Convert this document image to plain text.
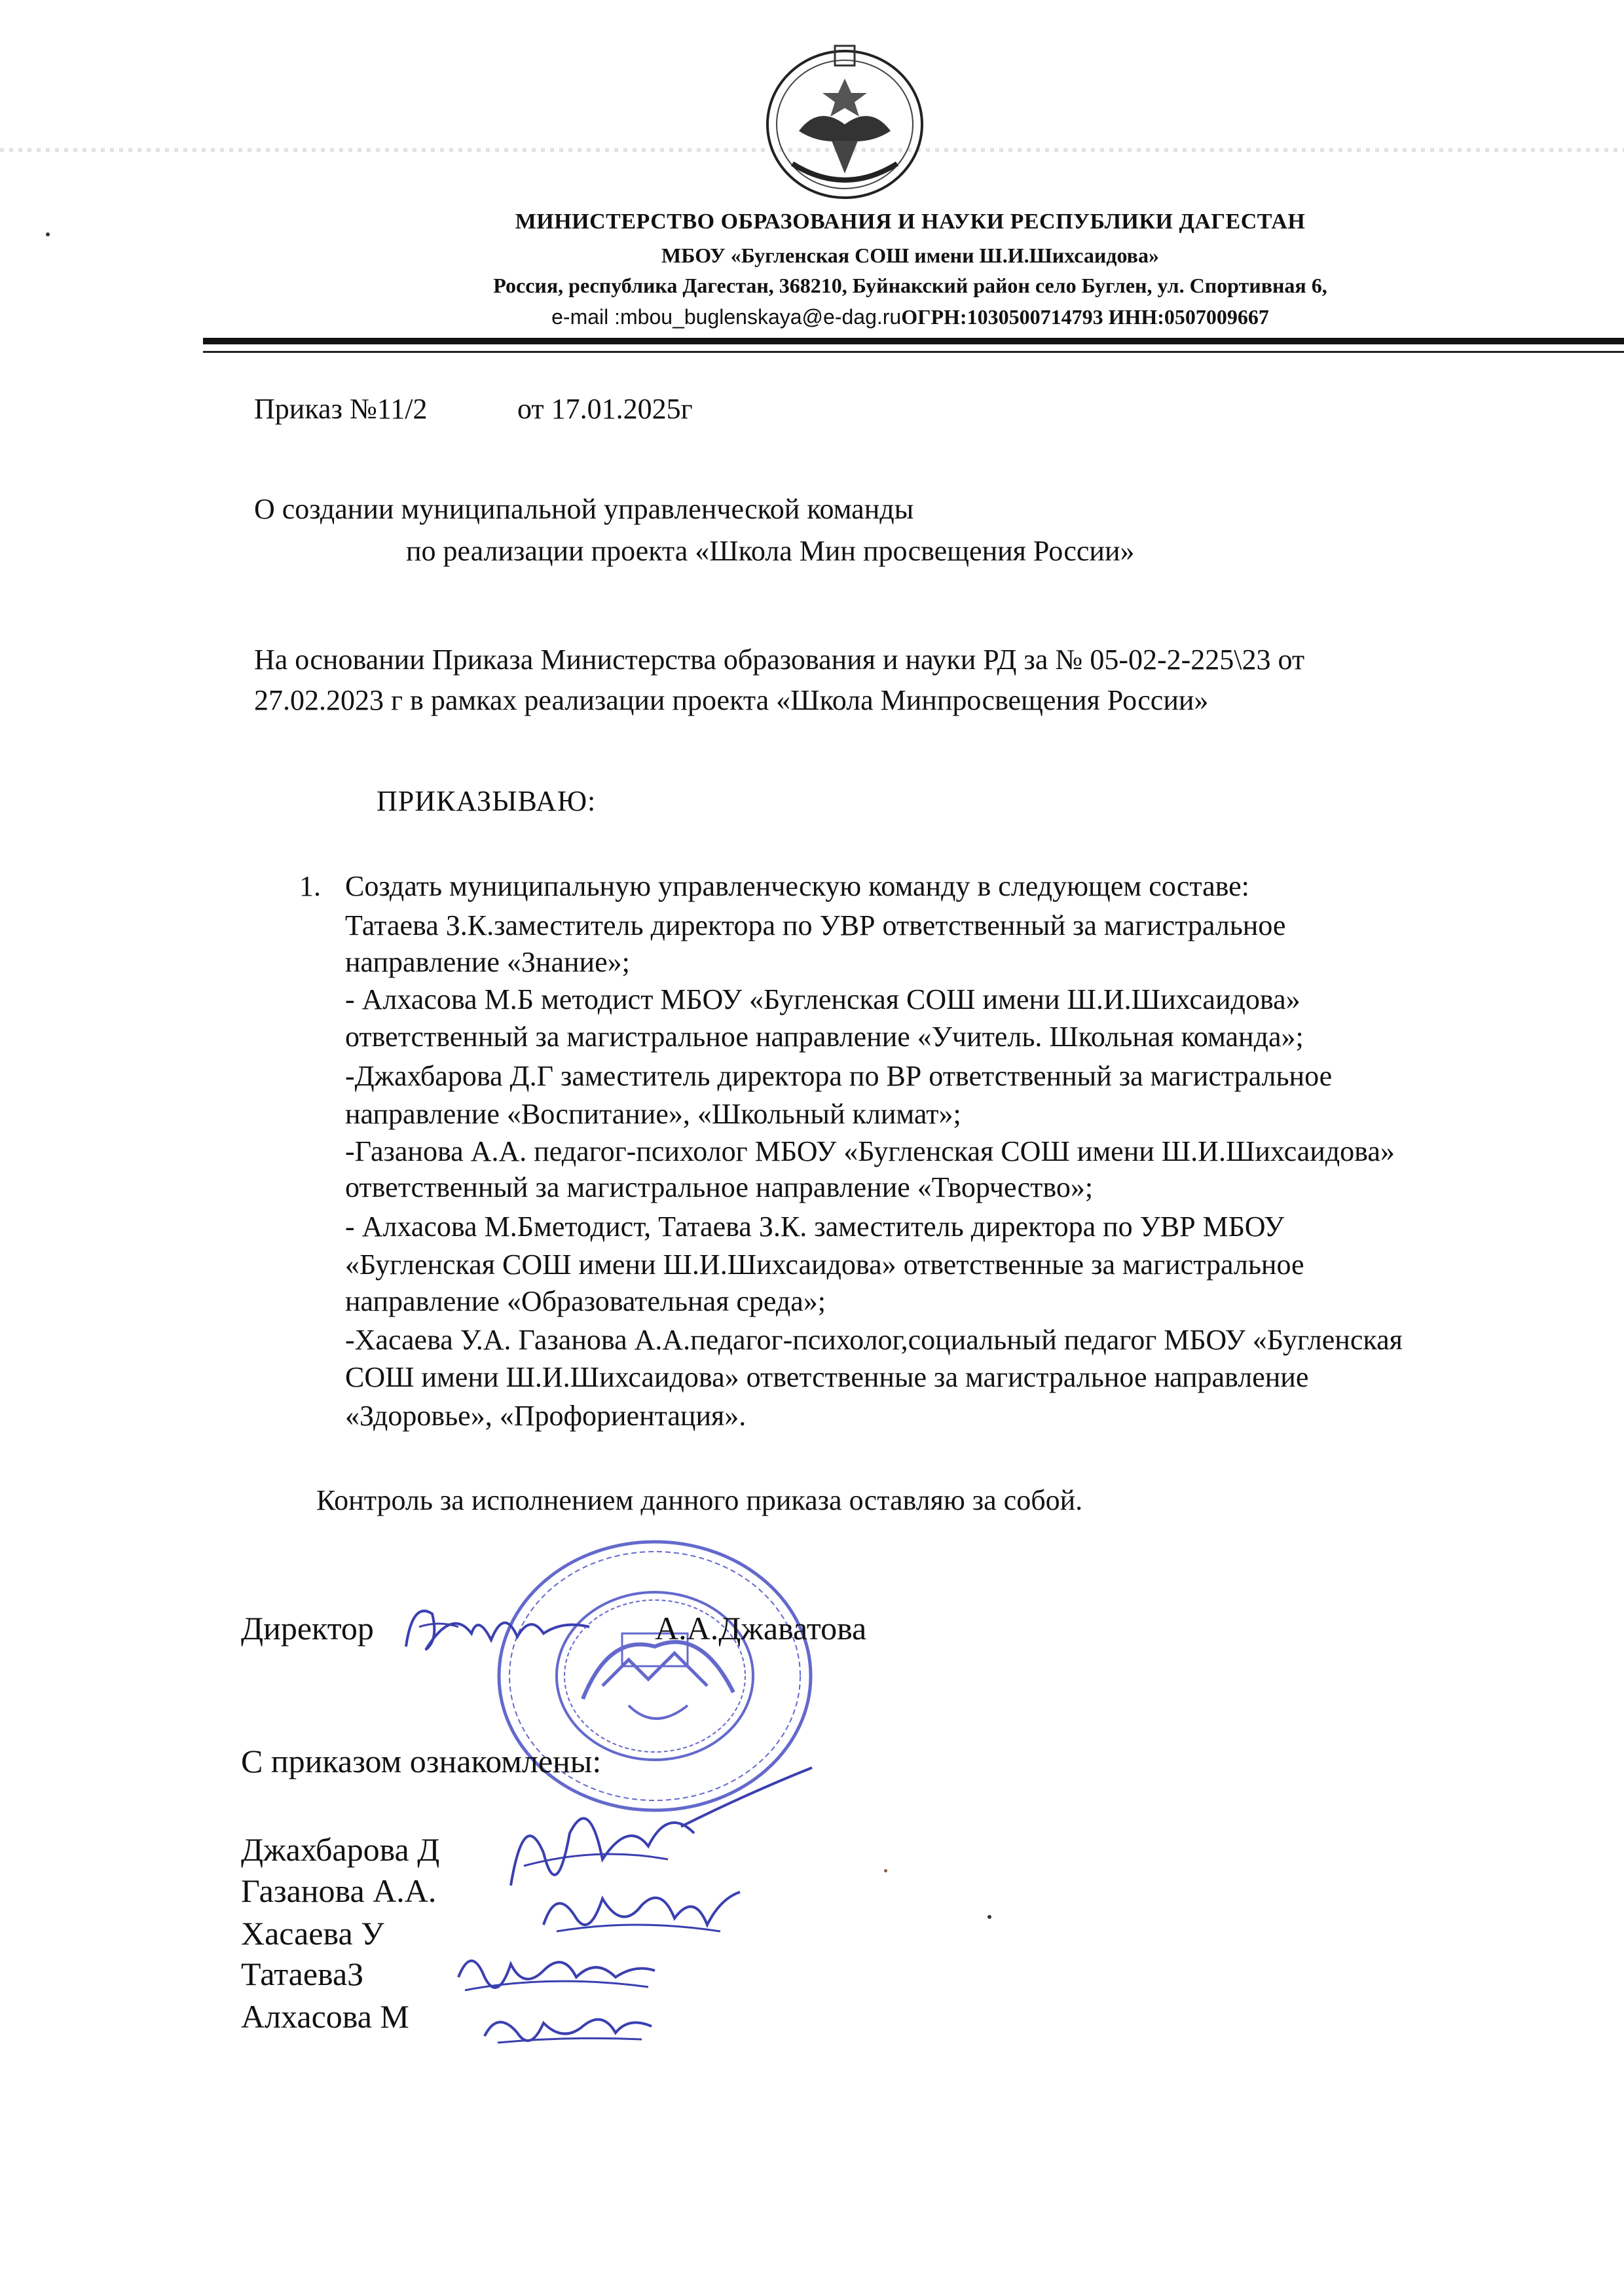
МИНИСТЕРСТВО ОБРАЗОВАНИЯ И НАУКИ РЕСПУБЛИКИ ДАГЕСТАН
МБОУ «Бугленская СОШ имени Ш.И.Шихсаидова»
Россия, республика Дагестан, 368210, Буйнакский район село Буглен, ул. Спортивная 6,
e-mail :mbou_buglenskaya@e-dag.ruОГРН:1030500714793 ИНН:0507009667
Приказ №11/2	от 17.01.2025г
О создании муниципальной управленческой команды
по реализации проекта «Школа Мин просвещения России»
На основании Приказа Министерства образования и науки РД за № 05-02-2-225\23 от
27.02.2023 г в рамках реализации проекта «Школа Минпросвещения России»
ПРИКАЗЫВАЮ:
1. Создать муниципальную управленческую команду в следующем составе:
Татаева З.К.заместитель директора по УВР ответственный за магистральное
направление «Знание»;
- Алхасова М.Б методист МБОУ «Бугленская СОШ имени Ш.И.Шихсаидова»
ответственный за магистральное направление «Учитель. Школьная команда»;
-Джахбарова Д.Г заместитель директора по ВР ответственный за магистральное
направление «Воспитание», «Школьный климат»;
-Газанова А.А. педагог-психолог МБОУ «Бугленская СОШ имени Ш.И.Шихсаидова»
ответственный за магистральное направление «Творчество»;
- Алхасова М.Бметодист, Татаева З.К. заместитель директора по УВР МБОУ
«Бугленская СОШ имени Ш.И.Шихсаидова» ответственные за магистральное
направление «Образовательная среда»;
-Хасаева У.А. Газанова А.А.педагог-психолог,социальный педагог МБОУ «Бугленская
СОШ имени Ш.И.Шихсаидова» ответственные за магистральное направление
«Здоровье», «Профориентация».
Контроль за исполнением данного приказа оставляю за собой.
Директор	А.А.Джаватова
С приказом ознакомлены:
Джахбарова Д
Газанова А.А.
Хасаева У
ТатаеваЗ
Алхасова М
